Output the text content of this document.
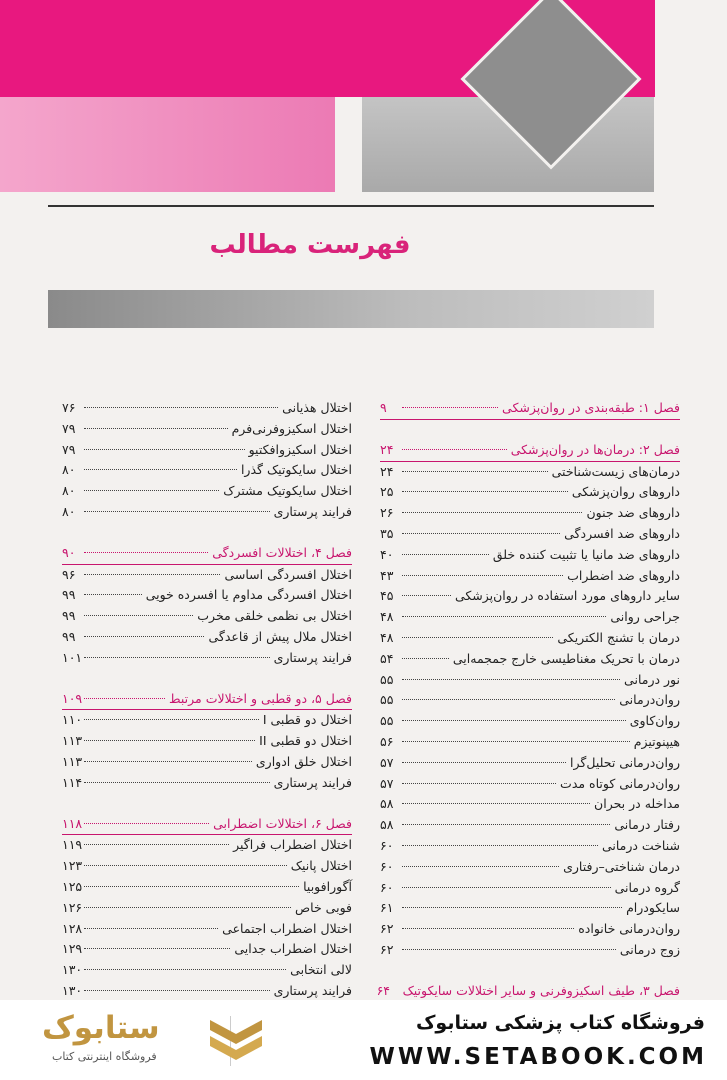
فهرست مطالب
فصل ۱: طبقه‌بندی در روان‌پزشکی
۹
فصل ۲: درمان‌ها در روان‌پزشکی
۲۴
درمان‌های زیست‌شناختی
۲۴
داروهای روان‌پزشکی
۲۵
داروهای ضد جنون
۲۶
داروهای ضد افسردگی
۳۵
داروهای ضد مانیا یا تثبیت کننده خلق
۴۰
داروهای ضد اضطراب
۴۳
سایر داروهای مورد استفاده در روان‌پزشکی
۴۵
جراحی روانی
۴۸
درمان با تشنج الکتریکی
۴۸
درمان با تحریک مغناطیسی خارج جمجمه‌ایی
۵۴
نور درمانی
۵۵
روان‌درمانی
۵۵
روان‌کاوی
۵۵
هیپنوتیزم
۵۶
روان‌درمانی تحلیل‌گرا
۵۷
روان‌درمانی کوتاه مدت
۵۷
مداخله در بحران
۵۸
رفتار درمانی
۵۸
شناخت درمانی
۶۰
درمان شناختی–رفتاری
۶۰
گروه درمانی
۶۰
سایکودرام
۶۱
روان‌درمانی خانواده
۶۲
زوج درمانی
۶۲
فصل ۳، طیف اسکیزوفرنی و سایر اختلالات سایکوتیک
۶۴
اختلال هذیانی
۷۶
اختلال اسکیزوفرنی‌فرم
۷۹
اختلال اسکیزوافکتیو
۷۹
اختلال سایکوتیک گذرا
۸۰
اختلال سایکوتیک مشترک
۸۰
فرایند پرستاری
۸۰
فصل ۴، اختلالات افسردگی
۹۰
اختلال افسردگی اساسی
۹۶
اختلال افسردگی مداوم یا افسرده خویی
۹۹
اختلال بی نظمی خلقی مخرب
۹۹
اختلال ملال پیش از قاعدگی
۹۹
فرایند پرستاری
۱۰۱
فصل ۵، دو قطبی و اختلالات مرتبط
۱۰۹
اختلال دو قطبی I
۱۱۰
اختلال دو قطبی II
۱۱۳
اختلال خلق ادواری
۱۱۳
فرایند پرستاری
۱۱۴
فصل ۶، اختلالات اضطرابی
۱۱۸
اختلال اضطراب فراگیر
۱۱۹
اختلال پانیک
۱۲۳
آگورافوبیا
۱۲۵
فوبی خاص
۱۲۶
اختلال اضطراب اجتماعی
۱۲۸
اختلال اضطراب جدایی
۱۲۹
لالی انتخابی
۱۳۰
فرایند پرستاری
۱۳۰
ستابوک
فروشگاه اینترنتی کتاب
فروشگاه کتاب پزشکی ستابوک
WWW.SETABOOK.COM
